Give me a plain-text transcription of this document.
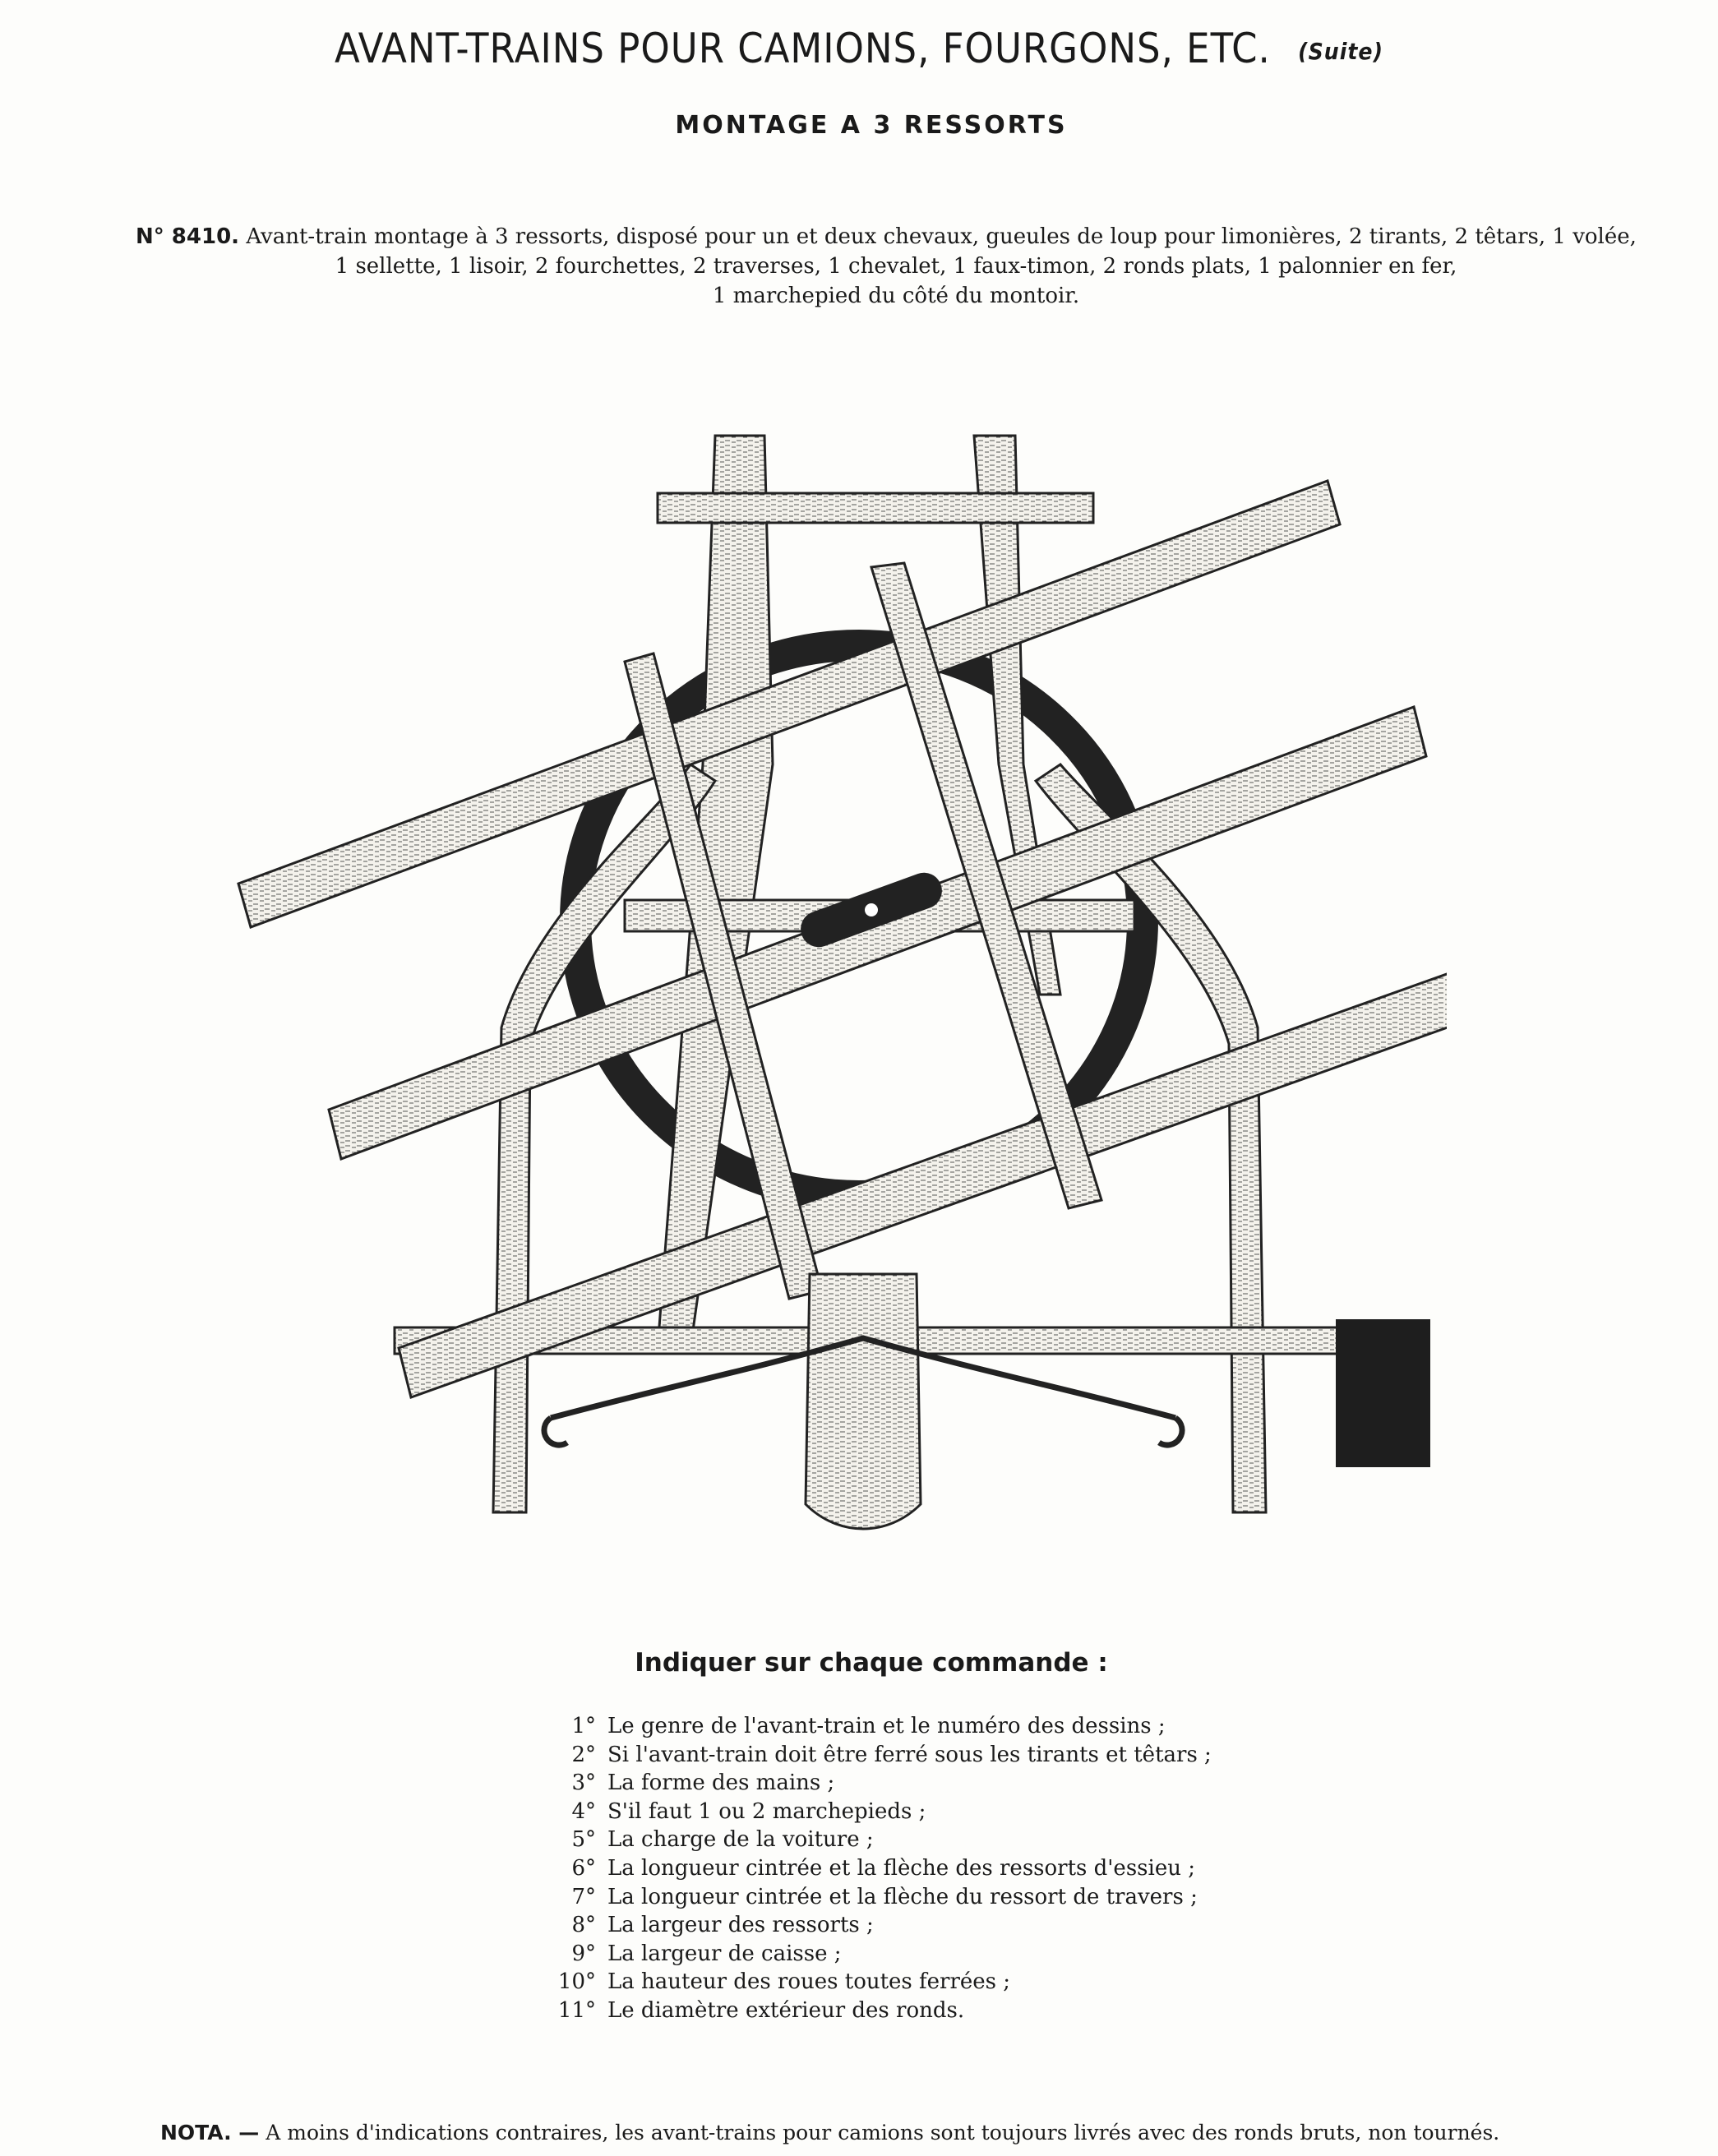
AVANT-TRAINS POUR CAMIONS, FOURGONS, ETC. (Suite)
MONTAGE A 3 RESSORTS
N° 8410. Avant-train montage à 3 ressorts, disposé pour un et deux chevaux, gueules de loup pour limonières, 2 tirants, 2 têtars, 1 volée,
1 sellette, 1 lisoir, 2 fourchettes, 2 traverses, 1 chevalet, 1 faux-timon, 2 ronds plats, 1 palonnier en fer,
1 marchepied du côté du montoir.
Indiquer sur chaque commande :
1° Le genre de l'avant-train et le numéro des dessins ;
2° Si l'avant-train doit être ferré sous les tirants et têtars ;
3° La forme des mains ;
4° S'il faut 1 ou 2 marchepieds ;
5° La charge de la voiture ;
6° La longueur cintrée et la flèche des ressorts d'essieu ;
7° La longueur cintrée et la flèche du ressort de travers ;
8° La largeur des ressorts ;
9° La largeur de caisse ;
10° La hauteur des roues toutes ferrées ;
11° Le diamètre extérieur des ronds.
NOTA. — A moins d'indications contraires, les avant-trains pour camions sont toujours livrés avec des ronds bruts, non tournés.
